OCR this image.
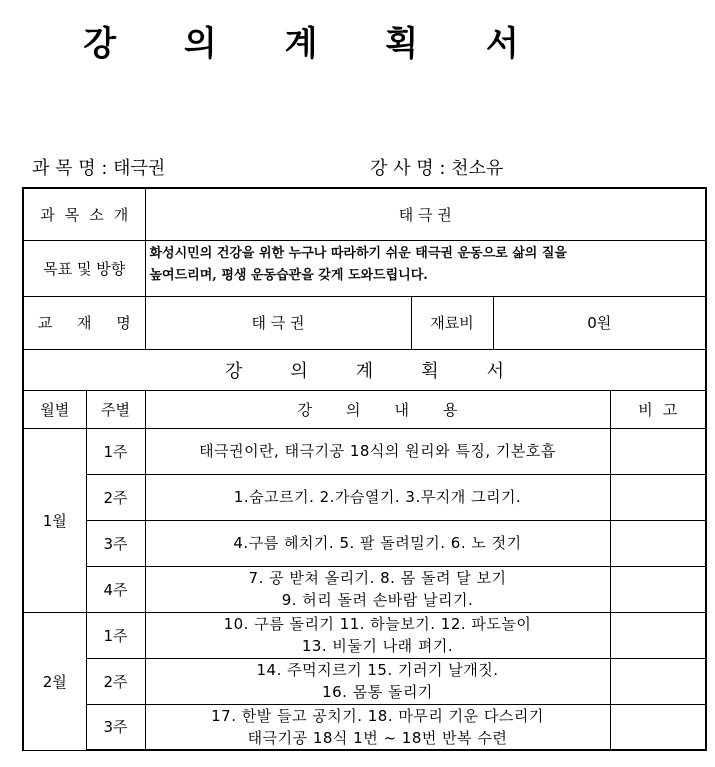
강 의 계 획 서
과 목 명 : 태극권	강 사 명 : 천소유
과목소개		태 극 권			
목표 및 방향		화성시민의 건강을 위한 누구나 따라하기 쉬운 태극권 운동으로 삶의 질을
높여드리며, 평생 운동습관을 갖게 도와드립니다.			

교 재 명		태 극 권	재료비	0원	
강의계획서					
월별	주별	강의내용			비고
1월	1주	태극권이란, 태극기공 18식의 원리와 특징, 기본호흡			

	2주	1.숨고르기. 2.가슴열기. 3.무지개 그리기.			

	3주	4.구름 헤치기. 5. 팔 돌려밀기. 6. 노 젓기			

	4주	7. 공 받쳐 올리기. 8. 몸 돌려 달 보기
9. 허리 돌려 손바람 날리기.			

2월	1주	10. 구름 돌리기 11. 하늘보기. 12. 파도놀이
13. 비둘기 나래 펴기.			

	2주	14. 주먹지르기 15. 기러기 날개짓.
16. 몸통 돌리기			

	3주	17. 한발 들고 공치기. 18. 마무리 기운 다스리기
태극기공 18식 1번 ~ 18번 반복 수련			
